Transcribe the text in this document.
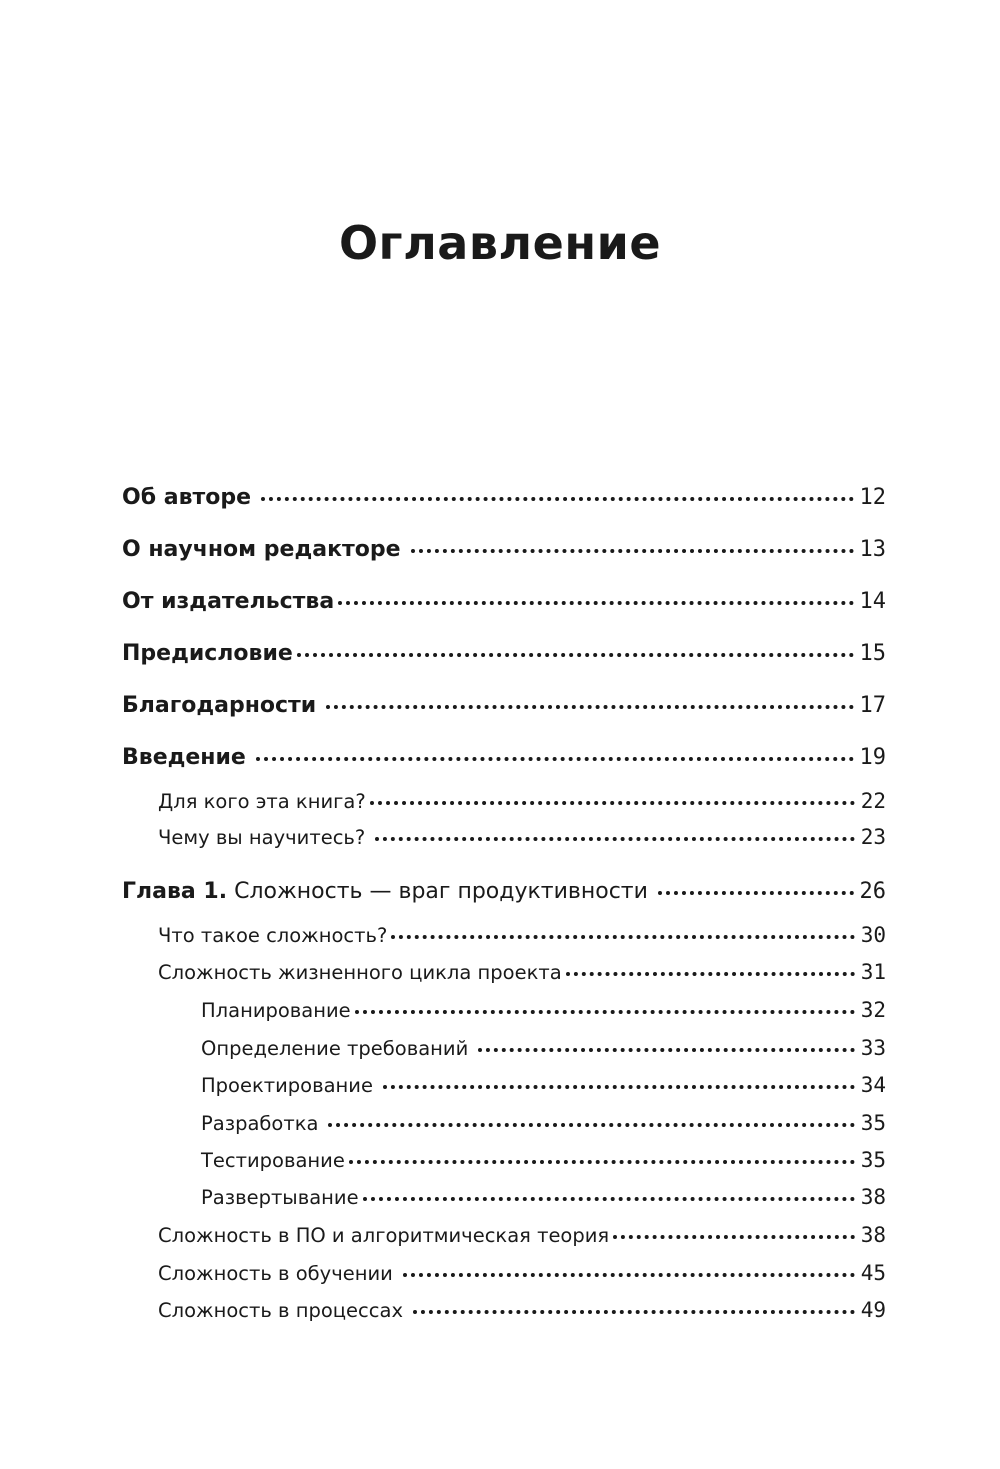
Оглавление
Об авторе	12
О научном редакторе	13
От издательства	14
Предисловие	15
Благодарности	17
Введение	19
Для кого эта книга?	22
Чему вы научитесь?	23
Глава 1. Сложность — враг продуктивности	26
Что такое сложность?	30
Сложность жизненного цикла проекта	31
Планирование	32
Определение требований	33
Проектирование	34
Разработка	35
Тестирование	35
Развертывание	38
Сложность в ПО и алгоритмическая теория	38
Сложность в обучении	45
Сложность в процессах	49
